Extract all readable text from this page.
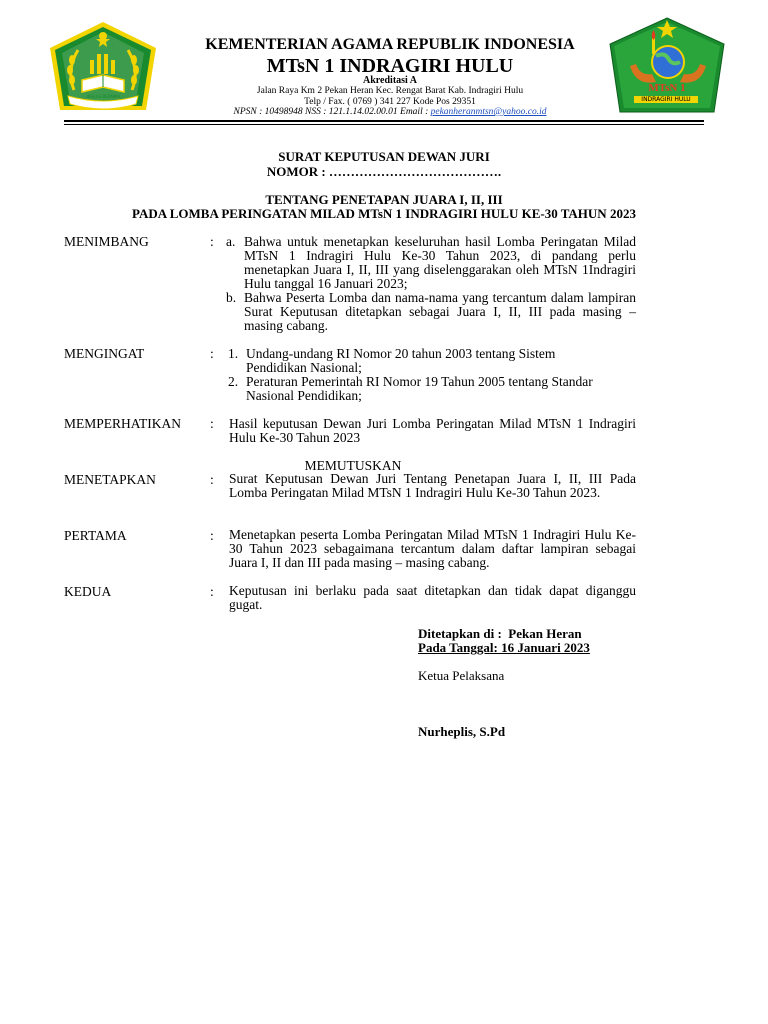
IKHLAS BERAMAL
MTsN 1
INDRAGIRI HULU
KEMENTERIAN AGAMA REPUBLIK INDONESIA
MTsN 1 INDRAGIRI HULU
Akreditasi A
Jalan Raya Km 2 Pekan Heran Kec. Rengat Barat Kab. Indragiri Hulu
Telp / Fax. ( 0769 ) 341 227 Kode Pos 29351
NPSN : 10498948 NSS : 121.1.14.02.00.01 Email : pekanheranmtsn@yahoo.co.id
SURAT KEPUTUSAN DEWAN JURI
NOMOR : ………………………………….
TENTANG PENETAPAN JUARA I, II, III
PADA LOMBA PERINGATAN MILAD MTsN 1 INDRAGIRI HULU KE-30 TAHUN 2023
MENIMBANG	: a. Bahwa untuk menetapkan keseluruhan hasil Lomba Peringatan Milad MTsN 1 Indragiri Hulu Ke-30 Tahun 2023, di pandang perlu menetapkan Juara I, II, III yang diselenggarakan oleh MTsN 1Indragiri Hulu tanggal 16 Januari 2023;
b. Bahwa Peserta Lomba dan nama-nama yang tercantum dalam lampiran Surat Keputusan ditetapkan sebagai Juara I, II, III pada masing – masing cabang.
MENGINGAT	: 1. Undang-undang RI Nomor 20 tahun 2003 tentang Sistem Pendidikan Nasional;
2. Peraturan Pemerintah RI Nomor 19 Tahun 2005 tentang Standar Nasional Pendidikan;
MEMPERHATIKAN : Hasil keputusan Dewan Juri Lomba Peringatan Milad MTsN 1 Indragiri Hulu Ke-30 Tahun 2023
MEMUTUSKAN
MENETAPKAN	: Surat Keputusan Dewan Juri Tentang Penetapan Juara I, II, III Pada Lomba Peringatan Milad MTsN 1 Indragiri Hulu Ke-30 Tahun 2023.
PERTAMA	: Menetapkan peserta Lomba Peringatan Milad MTsN 1 Indragiri Hulu Ke-30 Tahun 2023 sebagaimana tercantum dalam daftar lampiran sebagai Juara I, II dan III pada masing – masing cabang.
KEDUA	: Keputusan ini berlaku pada saat ditetapkan dan tidak dapat diganggu gugat.
Ditetapkan di : Pekan Heran
Pada Tanggal: 16 Januari 2023
Ketua Pelaksana
Nurheplis, S.Pd
